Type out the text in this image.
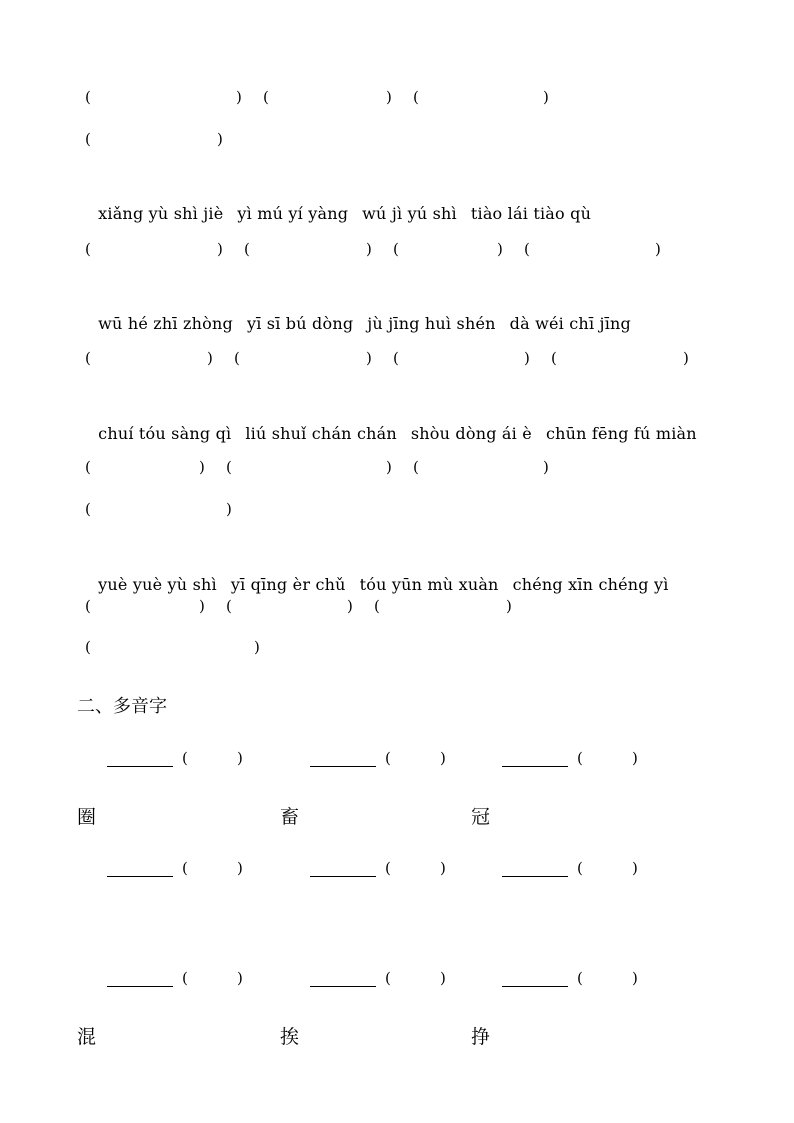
(	) (	) (	)
(	)

xiǎng yù shì jiè yì mú yí yàng wú jì yú shì tiào lái tiào qù

(	) (	) (	) (	)

wū hé zhī zhòng yī sī bú dòng jù jīng huì shén dà wéi chī jīng

(	) (	) (	) (	)

chuí tóu sàng qì liú shuǐ chán chán shòu dòng ái è chūn fēng fú miàn

(	) (	) (	)
(	)

yuè yuè yù shì yī qīng èr chǔ tóu yūn mù xuàn chéng xīn chéng yì

(	) (	) (	)
(	)
二、多音字
(	)	(	)	(	)
圈	畜	冠
(	)	(	)	(	)
(	)	(	)	(	)
混	挨	挣
